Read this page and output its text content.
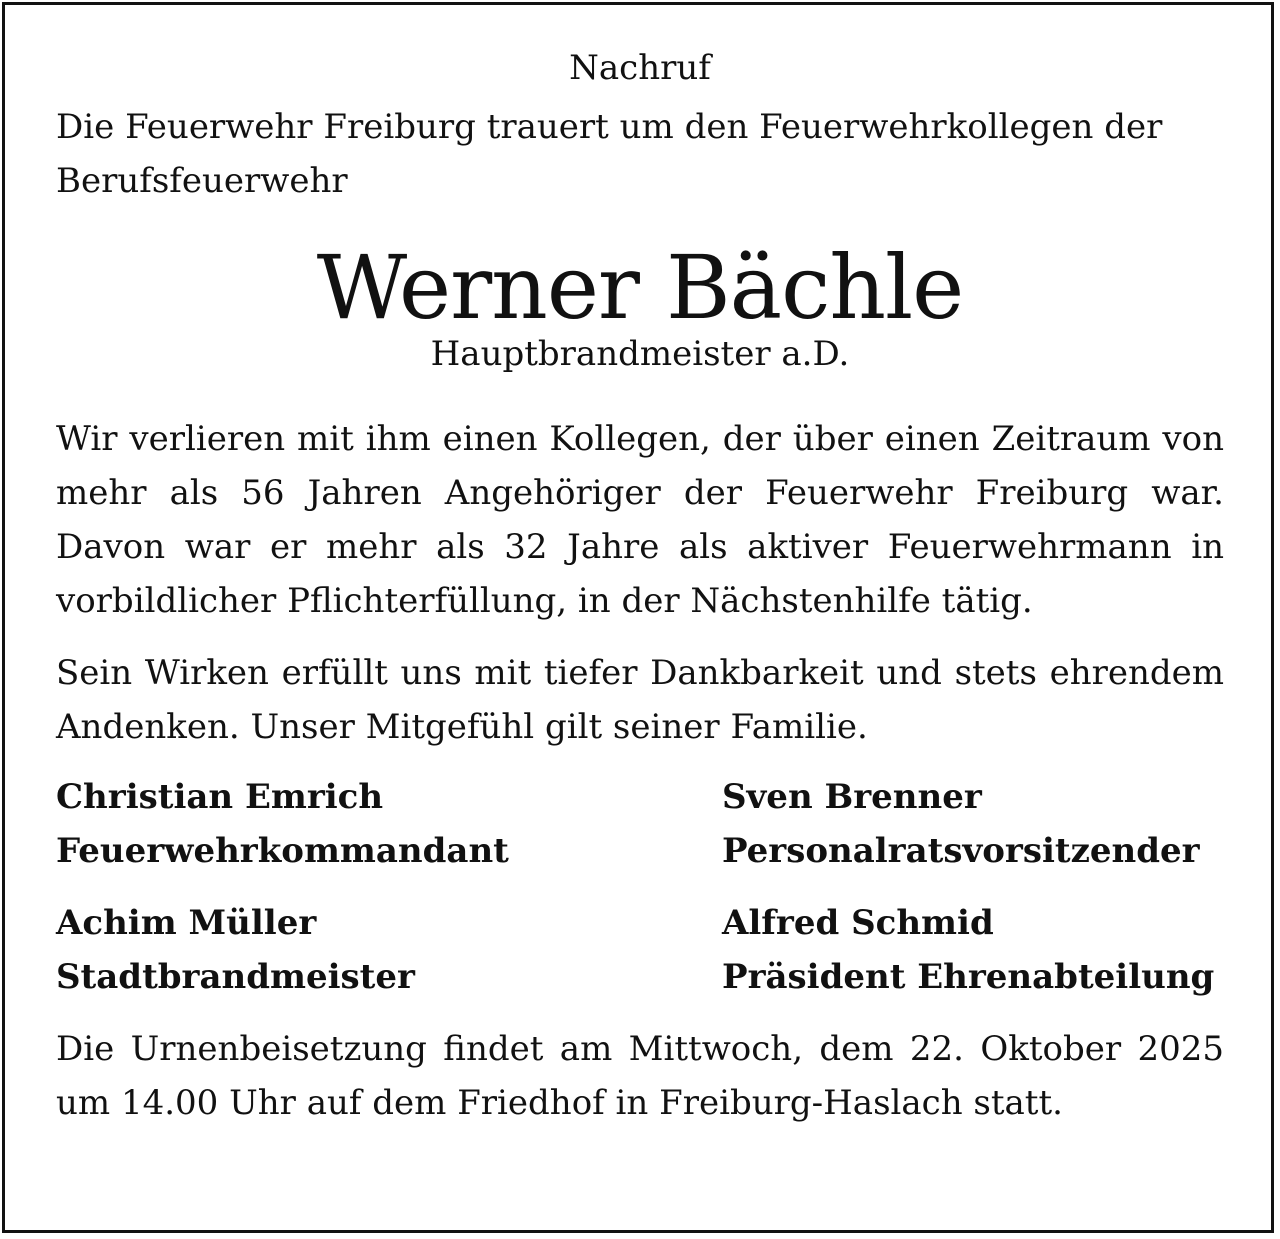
Nachruf

Die Feuerwehr Freiburg trauert um den Feuerwehrkollegen der Berufsfeuerwehr

Werner Bächle
Hauptbrandmeister a.D.

Wir verlieren mit ihm einen Kollegen, der über einen Zeitraum von mehr als 56 Jahren Angehöriger der Feuerwehr Freiburg war. Davon war er mehr als 32 Jahre als aktiver Feuerwehrmann in vorbildlicher Pflichterfüllung, in der Nächstenhilfe tätig.

Sein Wirken erfüllt uns mit tiefer Dankbarkeit und stets ehrendem Andenken. Unser Mitgefühl gilt seiner Familie.

Christian Emrich
Feuerwehrkommandant
Sven Brenner
Personalratsvorsitzender
Achim Müller
Stadtbrandmeister
Alfred Schmid
Präsident Ehrenabteilung

Die Urnenbeisetzung findet am Mittwoch, dem 22. Oktober 2025 um 14.00 Uhr auf dem Friedhof in Freiburg-Haslach statt.
